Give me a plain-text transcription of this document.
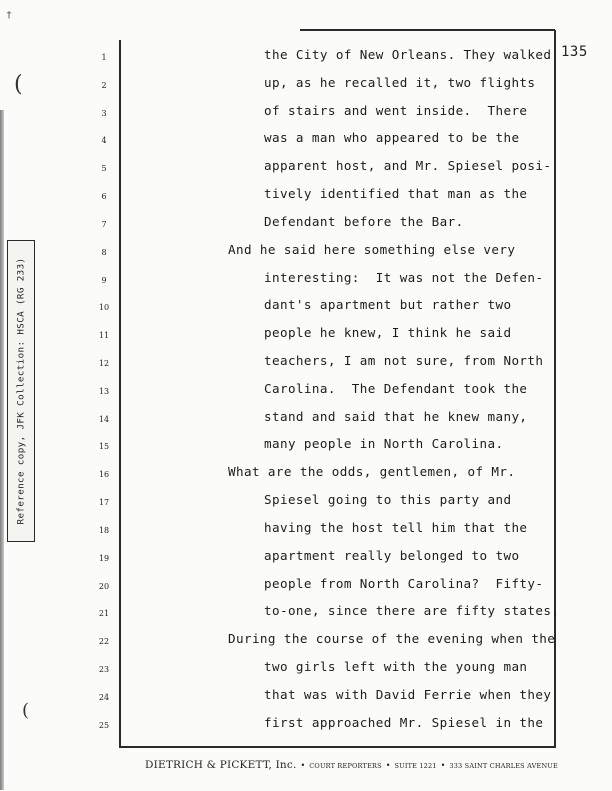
†
(
(
Reference copy, JFK Collection: HSCA (RG 233)
135
1	the City of New Orleans. They walked
2	up, as he recalled it, two flights
3	of stairs and went inside.  There
4	was a man who appeared to be the
5	apparent host, and Mr. Spiesel posi-
6	tively identified that man as the
7	Defendant before the Bar.
8	And he said here something else very
9	interesting:  It was not the Defen-
10	dant's apartment but rather two
11	people he knew, I think he said
12	teachers, I am not sure, from North
13	Carolina.  The Defendant took the
14	stand and said that he knew many,
15	many people in North Carolina.
16	What are the odds, gentlemen, of Mr.
17	Spiesel going to this party and
18	having the host tell him that the
19	apartment really belonged to two
20	people from North Carolina?  Fifty-
21	to-one, since there are fifty states.
22	During the course of the evening when the
23	two girls left with the young man
24	that was with David Ferrie when they
25	first approached Mr. Spiesel in the
DIETRICH & PICKETT, Inc. • COURT REPORTERS • SUITE 1221 • 333 SAINT CHARLES AVENUE
